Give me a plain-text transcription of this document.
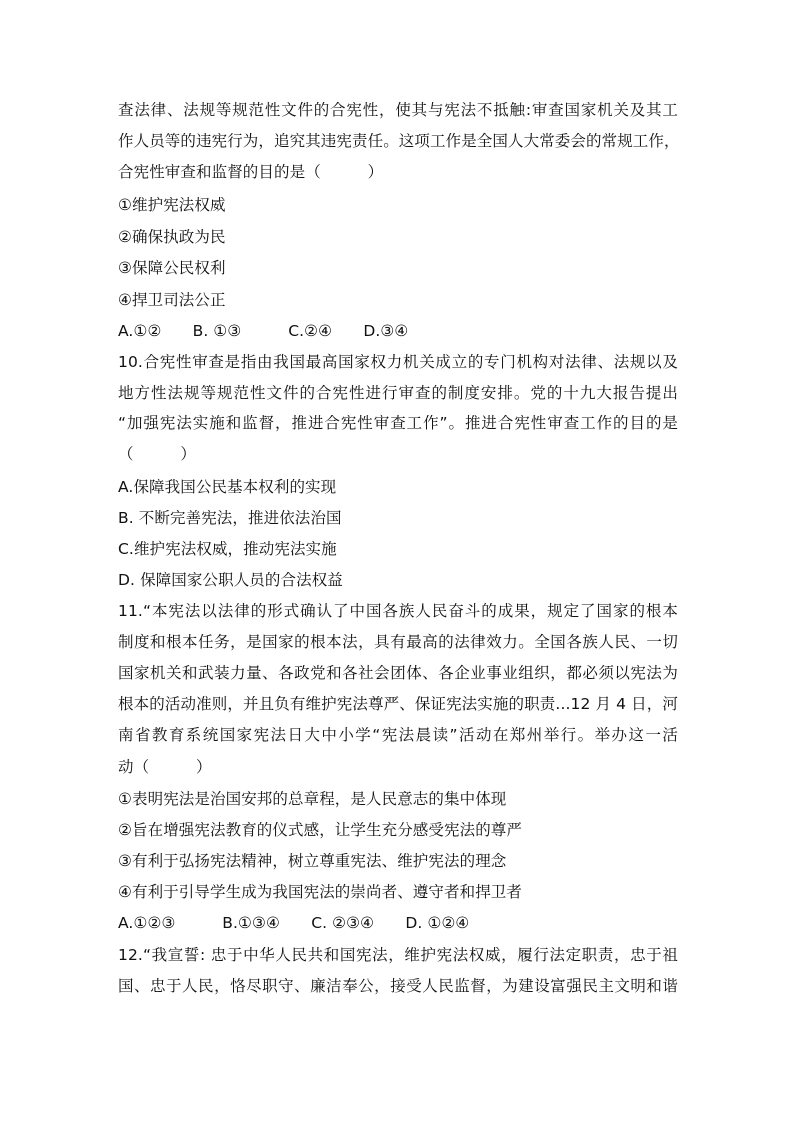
查法律、法规等规范性文件的合宪性，使其与宪法不抵触:审查国家机关及其工
作人员等的违宪行为，追究其违宪责任。这项工作是全国人大常委会的常规工作，
合宪性审查和监督的目的是（　　　）
①维护宪法权威
②确保执政为民
③保障公民权利
④捍卫司法公正
A.①②　　B. ①③　　　C.②④　　D.③④
10.合宪性审查是指由我国最高国家权力机关成立的专门机构对法律、法规以及
地方性法规等规范性文件的合宪性进行审查的制度安排。党的十九大报告提出
“加强宪法实施和监督，推进合宪性审查工作”。推进合宪性审查工作的目的是
（　　　）
A.保障我国公民基本权利的实现
B. 不断完善宪法，推进依法治国
C.维护宪法权威，推动宪法实施
D. 保障国家公职人员的合法权益
11.“本宪法以法律的形式确认了中国各族人民奋斗的成果，规定了国家的根本
制度和根本任务，是国家的根本法，具有最高的法律效力。全国各族人民、一切
国家机关和武装力量、各政党和各社会团体、各企业事业组织，都必须以宪法为
根本的活动准则，并且负有维护宪法尊严、保证宪法实施的职责...12 月 4 日，河
南省教育系统国家宪法日大中小学“宪法晨读”活动在郑州举行。举办这一活
动（　　　）
①表明宪法是治国安邦的总章程，是人民意志的集中体现
②旨在增强宪法教育的仪式感，让学生充分感受宪法的尊严
③有利于弘扬宪法精神，树立尊重宪法、维护宪法的理念
④有利于引导学生成为我国宪法的崇尚者、遵守者和捍卫者
A.①②③　　　B.①③④　　C. ②③④　　D. ①②④
12.“我宣誓: 忠于中华人民共和国宪法，维护宪法权威，履行法定职责，忠于祖
国、忠于人民，恪尽职守、廉洁奉公，接受人民监督，为建设富强民主文明和谐
